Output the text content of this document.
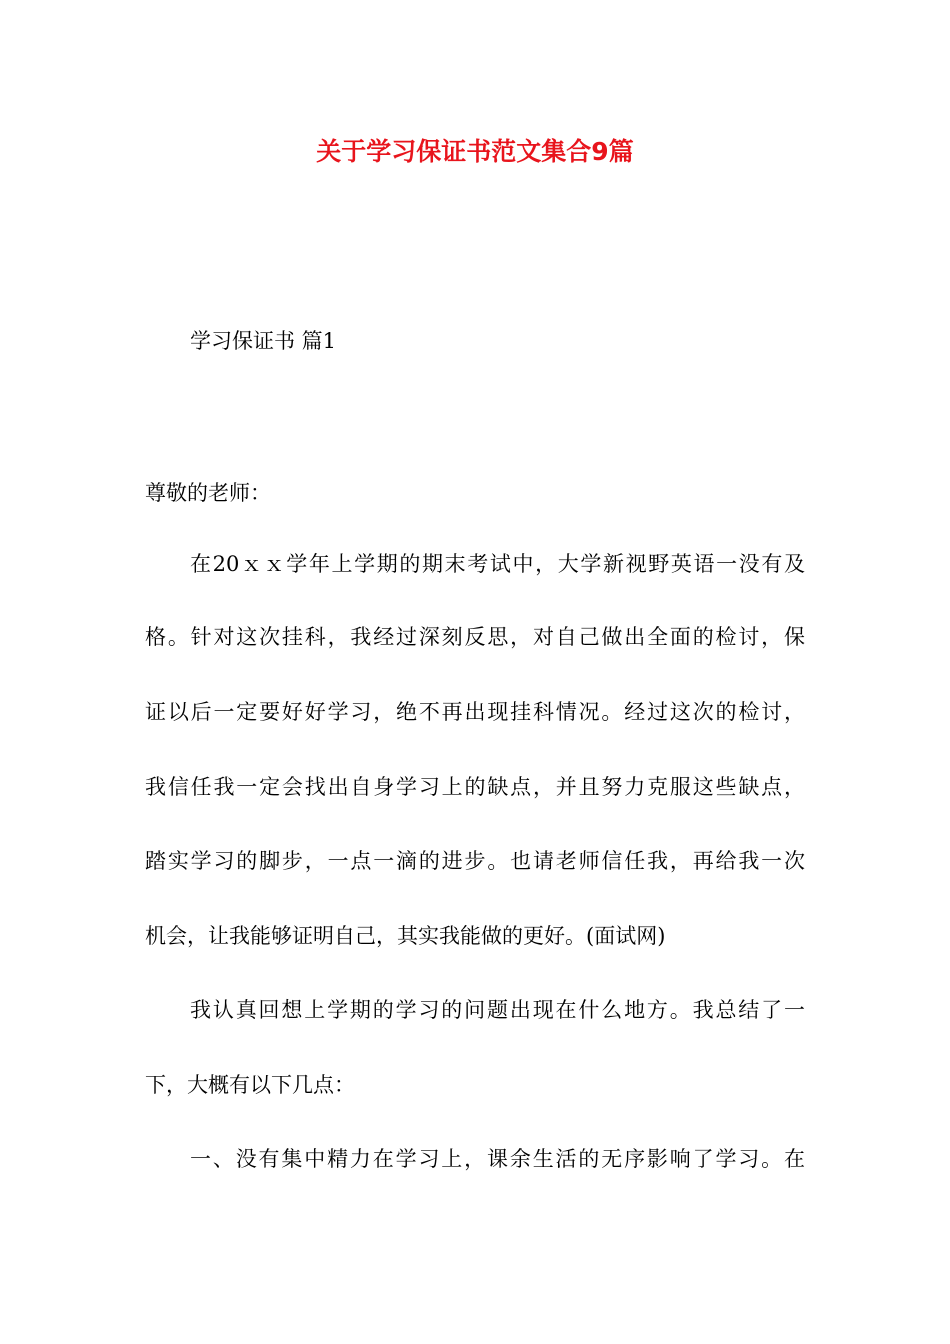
关于学习保证书范文集合9篇
学习保证书 篇1
尊敬的老师：
在20ｘｘ学年上学期的期末考试中，大学新视野英语一没有及
格。针对这次挂科，我经过深刻反思，对自己做出全面的检讨，保
证以后一定要好好学习，绝不再出现挂科情况。经过这次的检讨，
我信任我一定会找出自身学习上的缺点，并且努力克服这些缺点，
踏实学习的脚步，一点一滴的进步。也请老师信任我，再给我一次
机会，让我能够证明自己，其实我能做的更好。(面试网)
我认真回想上学期的学习的问题出现在什么地方。我总结了一
下，大概有以下几点：
一、没有集中精力在学习上，课余生活的无序影响了学习。在
